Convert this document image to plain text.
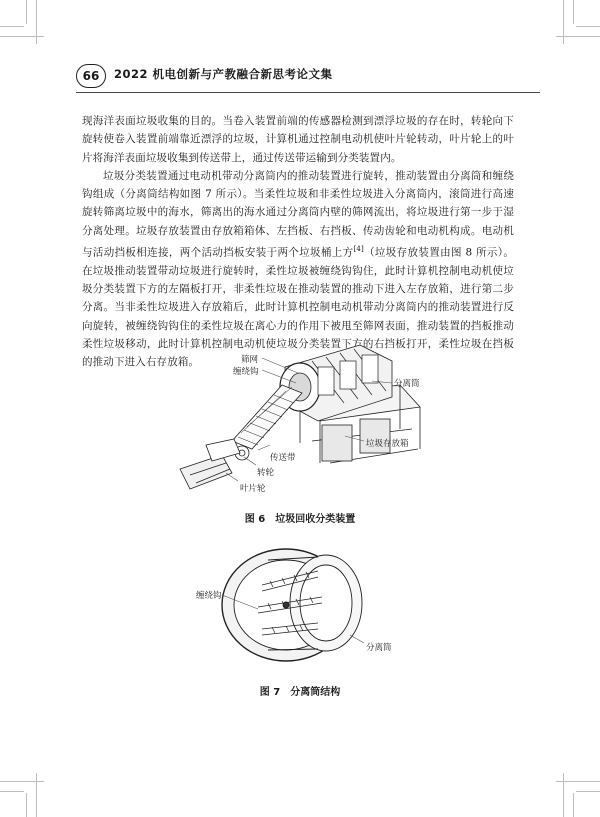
66	2022 机电创新与产教融合新思考论文集

现海洋表面垃圾收集的目的。当卷入装置前端的传感器检测到漂浮垃圾的存在时，转轮向下旋转使卷入装置前端靠近漂浮的垃圾，计算机通过控制电动机使叶片轮转动，叶片轮上的叶片将海洋表面垃圾收集到传送带上，通过传送带运输到分类装置内。

垃圾分类装置通过电动机带动分离筒内的推动装置进行旋转，推动装置由分离筒和缠绕钩组成（分离筒结构如图 7 所示）。当柔性垃圾和非柔性垃圾进入分离筒内，滚筒进行高速旋转筛离垃圾中的海水，筛离出的海水通过分离筒内壁的筛网流出，将垃圾进行第一步于湿分离处理。垃圾存放装置由存放箱箱体、左挡板、右挡板、传动齿轮和电动机构成。电动机与活动挡板相连接，两个活动挡板安装于两个垃圾桶上方[4]（垃圾存放装置由图 8 所示）。在垃圾推动装置带动垃圾进行旋转时，柔性垃圾被缠绕钩钩住，此时计算机控制电动机使垃圾分类装置下方的左隔板打开，非柔性垃圾在推动装置的推动下进入左存放箱，进行第二步分离。当非柔性垃圾进入存放箱后，此时计算机控制电动机带动分离筒内的推动装置进行反向旋转，被缠绕钩钩住的柔性垃圾在离心力的作用下被甩至筛网表面，推动装置的挡板推动柔性垃圾移动，此时计算机控制电动机使垃圾分类装置下方的右挡板打开，柔性垃圾在挡板的推动下进入右存放箱。	筛网
缠绕钩
分离筒
垃圾存放箱
传送带
转轮
叶片轮
图 6　垃圾回收分类装置
缠绕钩
分离筒
图 7　分离筒结构
